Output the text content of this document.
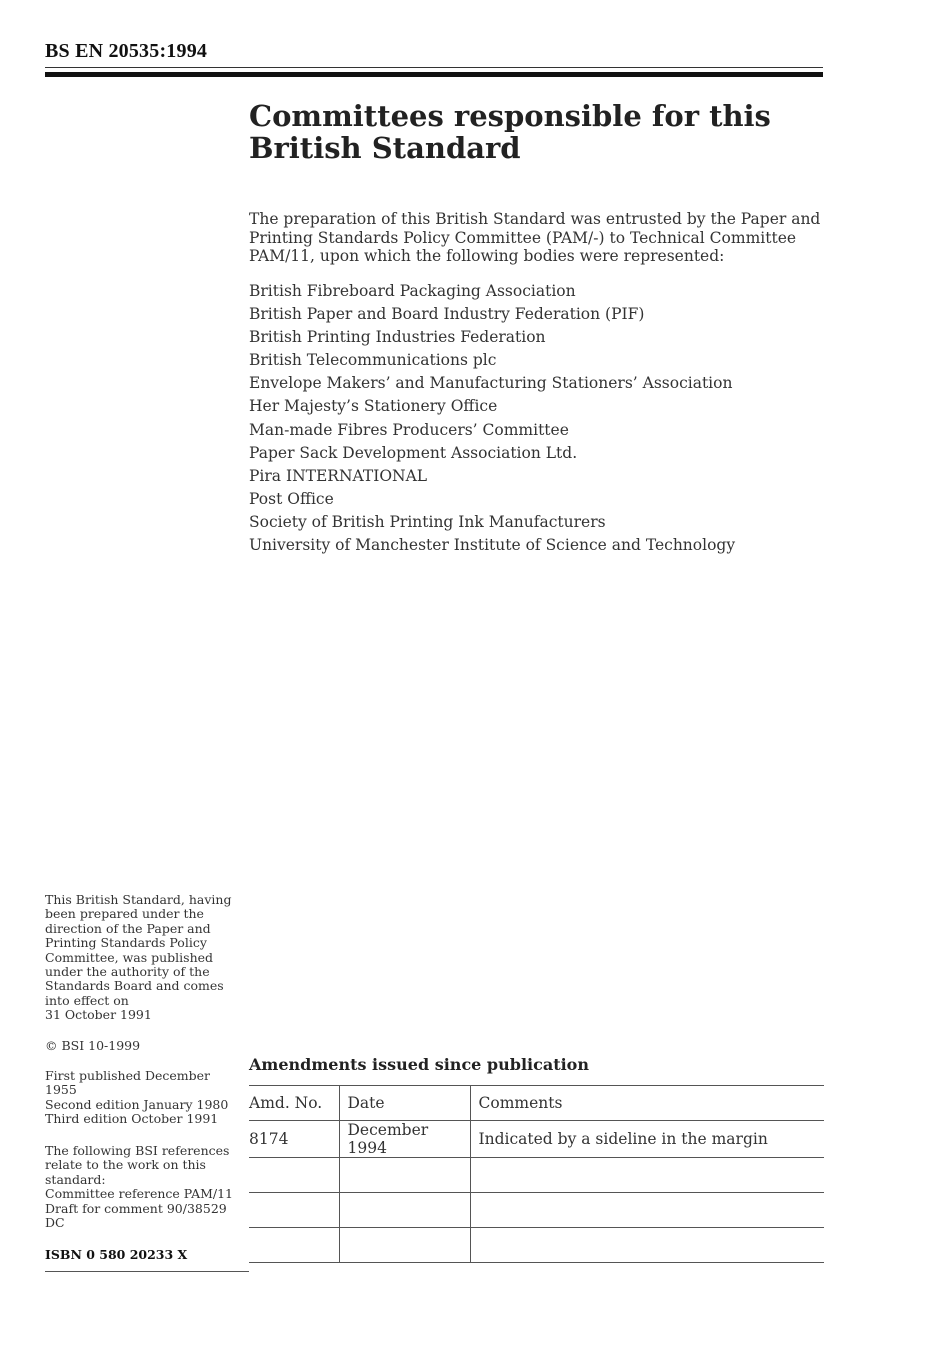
BS EN 20535:1994
Committees responsible for this British Standard

The preparation of this British Standard was entrusted by the Paper and Printing Standards Policy Committee (PAM/-) to Technical Committee PAM/11, upon which the following bodies were represented:

British Fibreboard Packaging Association
British Paper and Board Industry Federation (PIF)
British Printing Industries Federation
British Telecommunications plc
Envelope Makers’ and Manufacturing Stationers’ Association
Her Majesty’s Stationery Office
Man-made Fibres Producers’ Committee
Paper Sack Development Association Ltd.
Pira INTERNATIONAL
Post Office
Society of British Printing Ink Manufacturers
University of Manchester Institute of Science and Technology
This British Standard, having
been prepared under the
direction of the Paper and
Printing Standards Policy
Committee, was published
under the authority of the
Standards Board and comes
into effect on
31 October 1991
© BSI 10-1999
First published December 1955
Second edition January 1980
Third edition October 1991
The following BSI references
relate to the work on this
standard:
Committee reference PAM/11
Draft for comment 90/38529 DC
ISBN 0 580 20233 X
Amendments issued since publication
Amd. No.	Date	Comments
8174	December 1994	Indicated by a sideline in the margin
